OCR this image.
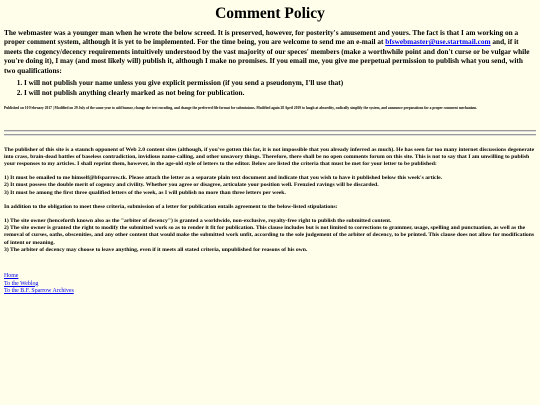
Comment Policy

The webmaster was a younger man when he wrote the below screed. It is preserved, however, for posterity's amusement and yours. The fact is that I am working on a proper comment system, although it is yet to be implemented. For the time being, you are welcome to send me an e-mail at bfswebmaster@use.startmail.com and, if it meets the cogency/decency requirements intuitively understood by the vast majority of our speces' members (make a worthwhile point and don't curse or be vulgar while you're doing it), I may (and most likely will) publish it, although I make no promises. If you email me, you give me perpetual permission to publish what you send, with two qualifications:

1. I will not publish your name unless you give explicit permission (if you send a pseudonym, I'll use that)
2. I will not publish anything clearly marked as not being for publication.

Published on 10 February 2017 | Modified on 29 July of the same year to add humor, change the text encoding, and change the preferred file format for submissions. Modified again 28 April 2019 to laugh at absurdity, radically simplify the system, and announce preparations for a proper comment mechanism.

The publisher of this site is a staunch opponent of Web 2.0 content sites (although, if you've gotten this far, it is not impossible that you already inferred as much). He has seen far too many internet discussions degenerate into crass, brain-dead battles of baseless contradiction, invidious name-calling, and other unsavory things. Therefore, there shall be no open comments forum on this site. This is not to say that I am unwilling to publish your responses to my articles. I shall reprint them, however, in the age-old style of letters to the editor. Below are listed the criteria that must be met for your letter to be published:
1) It must be emailed to me himself@bfsparrow.tk. Please attach the letter as a separate plain text document and indicate that you wish to have it published below this week's article.
2) It must possess the double merit of cogency and civility. Whether you agree or disagree, articulate your position well. Frenzied ravings will be discarded.
3) It must be among the first three qualified letters of the week, as I will publish no more than three letters per week.
In addition to the obligation to meet these criteria, submission of a letter for publication entails agreement to the below-listed stipulations:
1) The site owner (henceforth known also as the "arbiter of decency") is granted a worldwide, non-exclusive, royalty-free right to publish the submitted content.
2) The site owner is granted the right to modify the submitted work so as to render it fit for publication. This clause includes but is not limited to corrections to grammer, usage, spelling and punctuation, as well as the removal of curses, oaths, obscenities, and any other content that would make the submitted work unfit, according to the sole judgement of the arbiter of decency, to be printed. This clause does not allow for modifications of intent or meaning.
3) The arbiter of decency may choose to leave anything, even if it meets all stated criteria, unpublished for reasons of his own.
Home
To the Weblog
To the B.F. Sparrow Archives
